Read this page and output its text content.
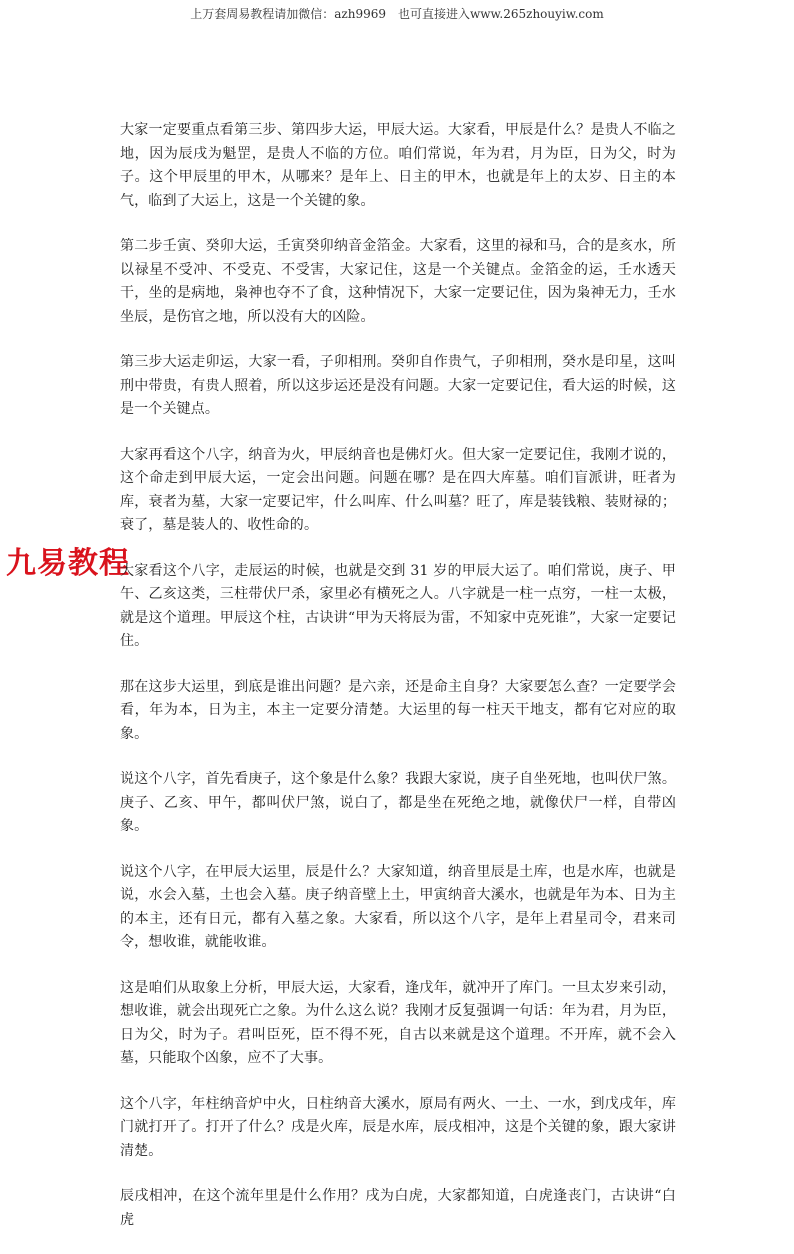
上万套周易教程请加微信：azh9969　也可直接进入www.265zhouyiw.com
九易教程

大家一定要重点看第三步、第四步大运，甲辰大运。大家看，甲辰是什么？是贵人不临之地，因为辰戌为魁罡，是贵人不临的方位。咱们常说，年为君，月为臣，日为父，时为子。这个甲辰里的甲木，从哪来？是年上、日主的甲木，也就是年上的太岁、日主的本气，临到了大运上，这是一个关键的象。

第二步壬寅、癸卯大运，壬寅癸卯纳音金箔金。大家看，这里的禄和马，合的是亥水，所以禄星不受冲、不受克、不受害，大家记住，这是一个关键点。金箔金的运，壬水透天干，坐的是病地，枭神也夺不了食，这种情况下，大家一定要记住，因为枭神无力，壬水坐辰，是伤官之地，所以没有大的凶险。

第三步大运走卯运，大家一看，子卯相刑。癸卯自作贵气，子卯相刑，癸水是印星，这叫刑中带贵，有贵人照着，所以这步运还是没有问题。大家一定要记住，看大运的时候，这是一个关键点。

大家再看这个八字，纳音为火，甲辰纳音也是佛灯火。但大家一定要记住，我刚才说的，这个命走到甲辰大运，一定会出问题。问题在哪？是在四大库墓。咱们盲派讲，旺者为库，衰者为墓，大家一定要记牢，什么叫库、什么叫墓？旺了，库是装钱粮、装财禄的；衰了，墓是装人的、收性命的。

大家看这个八字，走辰运的时候，也就是交到 31 岁的甲辰大运了。咱们常说，庚子、甲午、乙亥这类，三柱带伏尸杀，家里必有横死之人。八字就是一柱一点穷，一柱一太极，就是这个道理。甲辰这个柱，古诀讲“甲为天将辰为雷，不知家中克死谁”，大家一定要记住。

那在这步大运里，到底是谁出问题？是六亲，还是命主自身？大家要怎么查？一定要学会看，年为本，日为主，本主一定要分清楚。大运里的每一柱天干地支，都有它对应的取象。

说这个八字，首先看庚子，这个象是什么象？我跟大家说，庚子自坐死地，也叫伏尸煞。庚子、乙亥、甲午，都叫伏尸煞，说白了，都是坐在死绝之地，就像伏尸一样，自带凶象。

说这个八字，在甲辰大运里，辰是什么？大家知道，纳音里辰是土库，也是水库，也就是说，水会入墓，土也会入墓。庚子纳音壁上土，甲寅纳音大溪水，也就是年为本、日为主的本主，还有日元，都有入墓之象。大家看，所以这个八字，是年上君星司令，君来司令，想收谁，就能收谁。

这是咱们从取象上分析，甲辰大运，大家看，逢戊年，就冲开了库门。一旦太岁来引动，想收谁，就会出现死亡之象。为什么这么说？我刚才反复强调一句话：年为君，月为臣，日为父，时为子。君叫臣死，臣不得不死，自古以来就是这个道理。不开库，就不会入墓，只能取个凶象，应不了大事。

这个八字，年柱纳音炉中火，日柱纳音大溪水，原局有两火、一土、一水，到戊戌年，库门就打开了。打开了什么？戌是火库，辰是水库，辰戌相冲，这是个关键的象，跟大家讲清楚。

辰戌相冲，在这个流年里是什么作用？戌为白虎，大家都知道，白虎逢丧门，古诀讲“白虎
